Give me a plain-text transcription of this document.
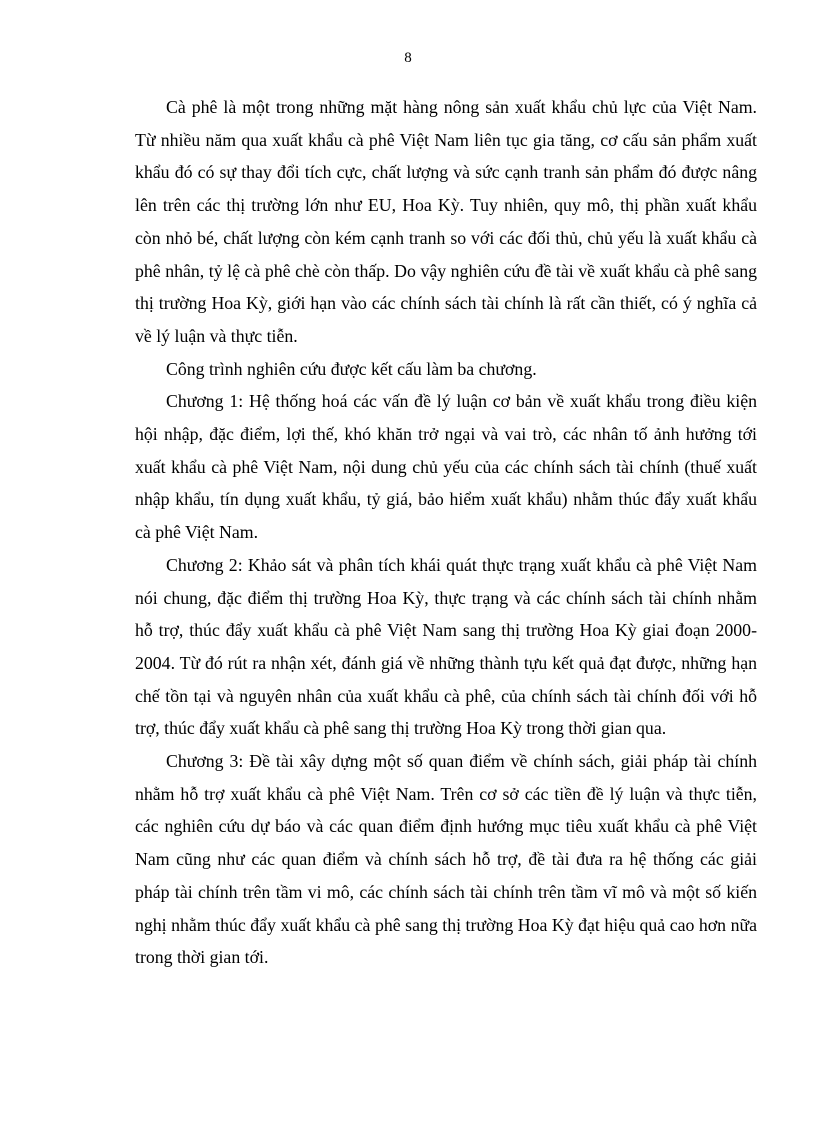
8

Cà phê là một trong những mặt hàng nông sản xuất khẩu chủ lực của Việt Nam. Từ nhiều năm qua xuất khẩu cà phê Việt Nam liên tục gia tăng, cơ cấu sản phẩm xuất khẩu đó có sự thay đổi tích cực, chất lượng và sức cạnh tranh sản phẩm đó được nâng lên trên các thị trường lớn như EU, Hoa Kỳ. Tuy nhiên, quy mô, thị phần xuất khẩu còn nhỏ bé, chất lượng còn kém cạnh tranh so với các đối thủ, chủ yếu là xuất khẩu cà phê nhân, tỷ lệ cà phê chè còn thấp. Do vậy nghiên cứu đề tài về xuất khẩu cà phê sang thị trường Hoa Kỳ, giới hạn vào các chính sách tài chính là rất cần thiết, có ý nghĩa cả về lý luận và thực tiễn.

Công trình nghiên cứu được kết cấu làm ba chương.

Chương 1: Hệ thống hoá các vấn đề lý luận cơ bản về xuất khẩu trong điều kiện hội nhập, đặc điểm, lợi thế, khó khăn trở ngại và vai trò, các nhân tố ảnh hưởng tới xuất khẩu cà phê Việt Nam, nội dung chủ yếu của các chính sách tài chính (thuế xuất nhập khẩu, tín dụng xuất khẩu, tỷ giá, bảo hiểm xuất khẩu) nhằm thúc đẩy xuất khẩu cà phê Việt Nam.

Chương 2: Khảo sát và phân tích khái quát thực trạng xuất khẩu cà phê Việt Nam nói chung, đặc điểm thị trường Hoa Kỳ, thực trạng và các chính sách tài chính nhằm hỗ trợ, thúc đẩy xuất khẩu cà phê Việt Nam sang thị trường Hoa Kỳ giai đoạn 2000- 2004. Từ đó rút ra nhận xét, đánh giá về những thành tựu kết quả đạt được, những hạn chế tồn tại và nguyên nhân của xuất khẩu cà phê, của chính sách tài chính đối với hỗ trợ, thúc đẩy xuất khẩu cà phê sang thị trường Hoa Kỳ trong thời gian qua.

Chương 3: Đề tài xây dựng một số quan điểm về chính sách, giải pháp tài chính nhằm hỗ trợ xuất khẩu cà phê Việt Nam. Trên cơ sở các tiền đề lý luận và thực tiễn, các nghiên cứu dự báo và các quan điểm định hướng mục tiêu xuất khẩu cà phê Việt Nam cũng như các quan điểm và chính sách hỗ trợ, đề tài đưa ra hệ thống các giải pháp tài chính trên tầm vi mô, các chính sách tài chính trên tầm vĩ mô và một số kiến nghị nhằm thúc đẩy xuất khẩu cà phê sang thị trường Hoa Kỳ đạt hiệu quả cao hơn nữa trong thời gian tới.
